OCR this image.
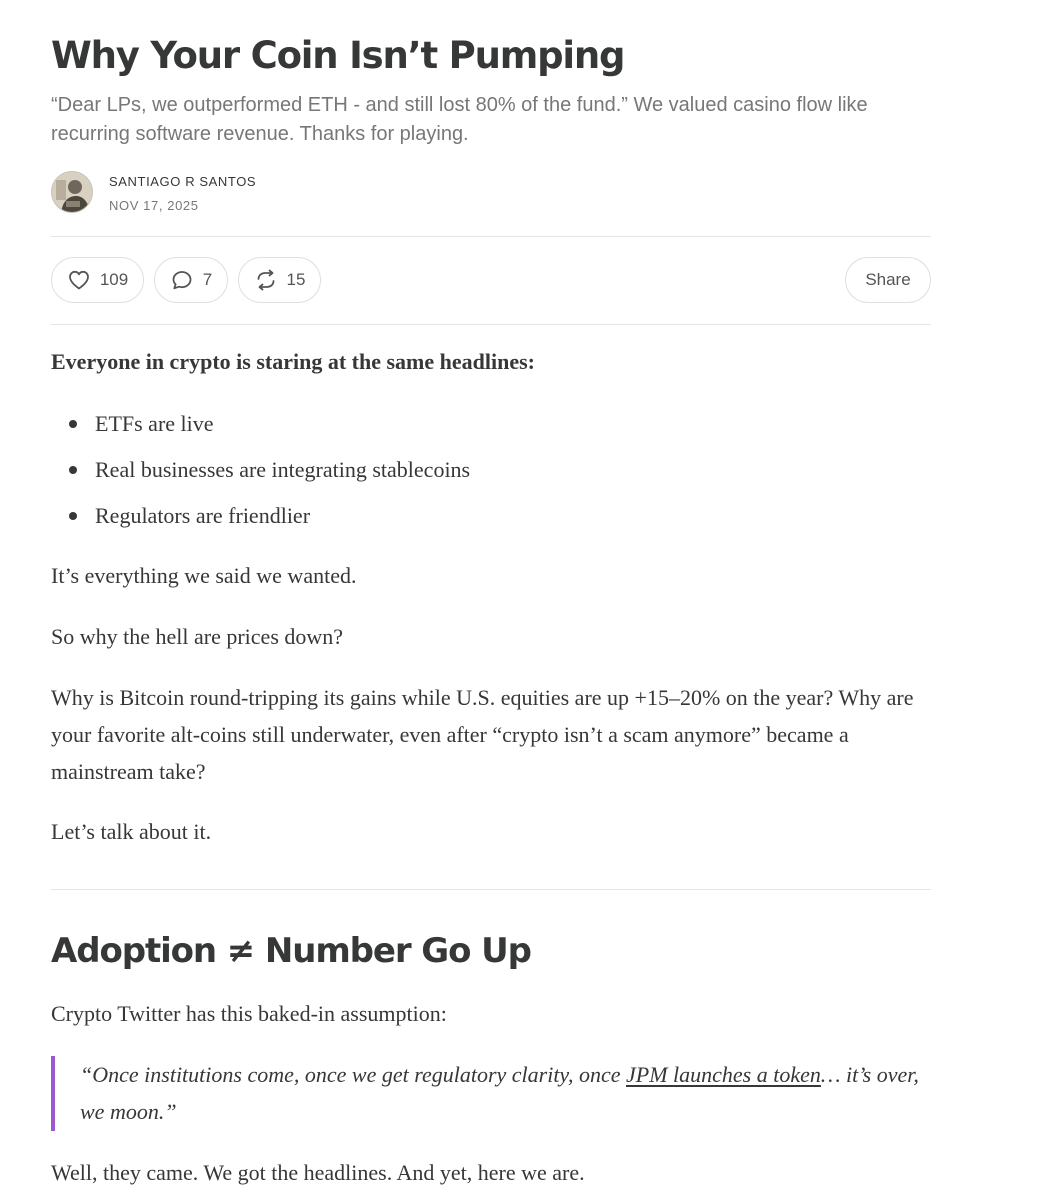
Why Your Coin Isn’t Pumping

“Dear LPs, we outperformed ETH - and still lost 80% of the fund.” We valued casino flow like recurring software revenue. Thanks for playing.

SANTIAGO R SANTOS
NOV 17, 2025
109	7	15	Share

Everyone in crypto is staring at the same headlines:

ETFs are live
Real businesses are integrating stablecoins
Regulators are friendlier

It’s everything we said we wanted.

So why the hell are prices down?

Why is Bitcoin round-tripping its gains while U.S. equities are up +15–20% on the year? Why are your favorite alt-coins still underwater, even after “crypto isn’t a scam anymore” became a mainstream take?

Let’s talk about it.

Adoption ≠ Number Go Up

Crypto Twitter has this baked-in assumption:

“Once institutions come, once we get regulatory clarity, once JPM launches a token… it’s over, we moon.”

Well, they came. We got the headlines. And yet, here we are.
